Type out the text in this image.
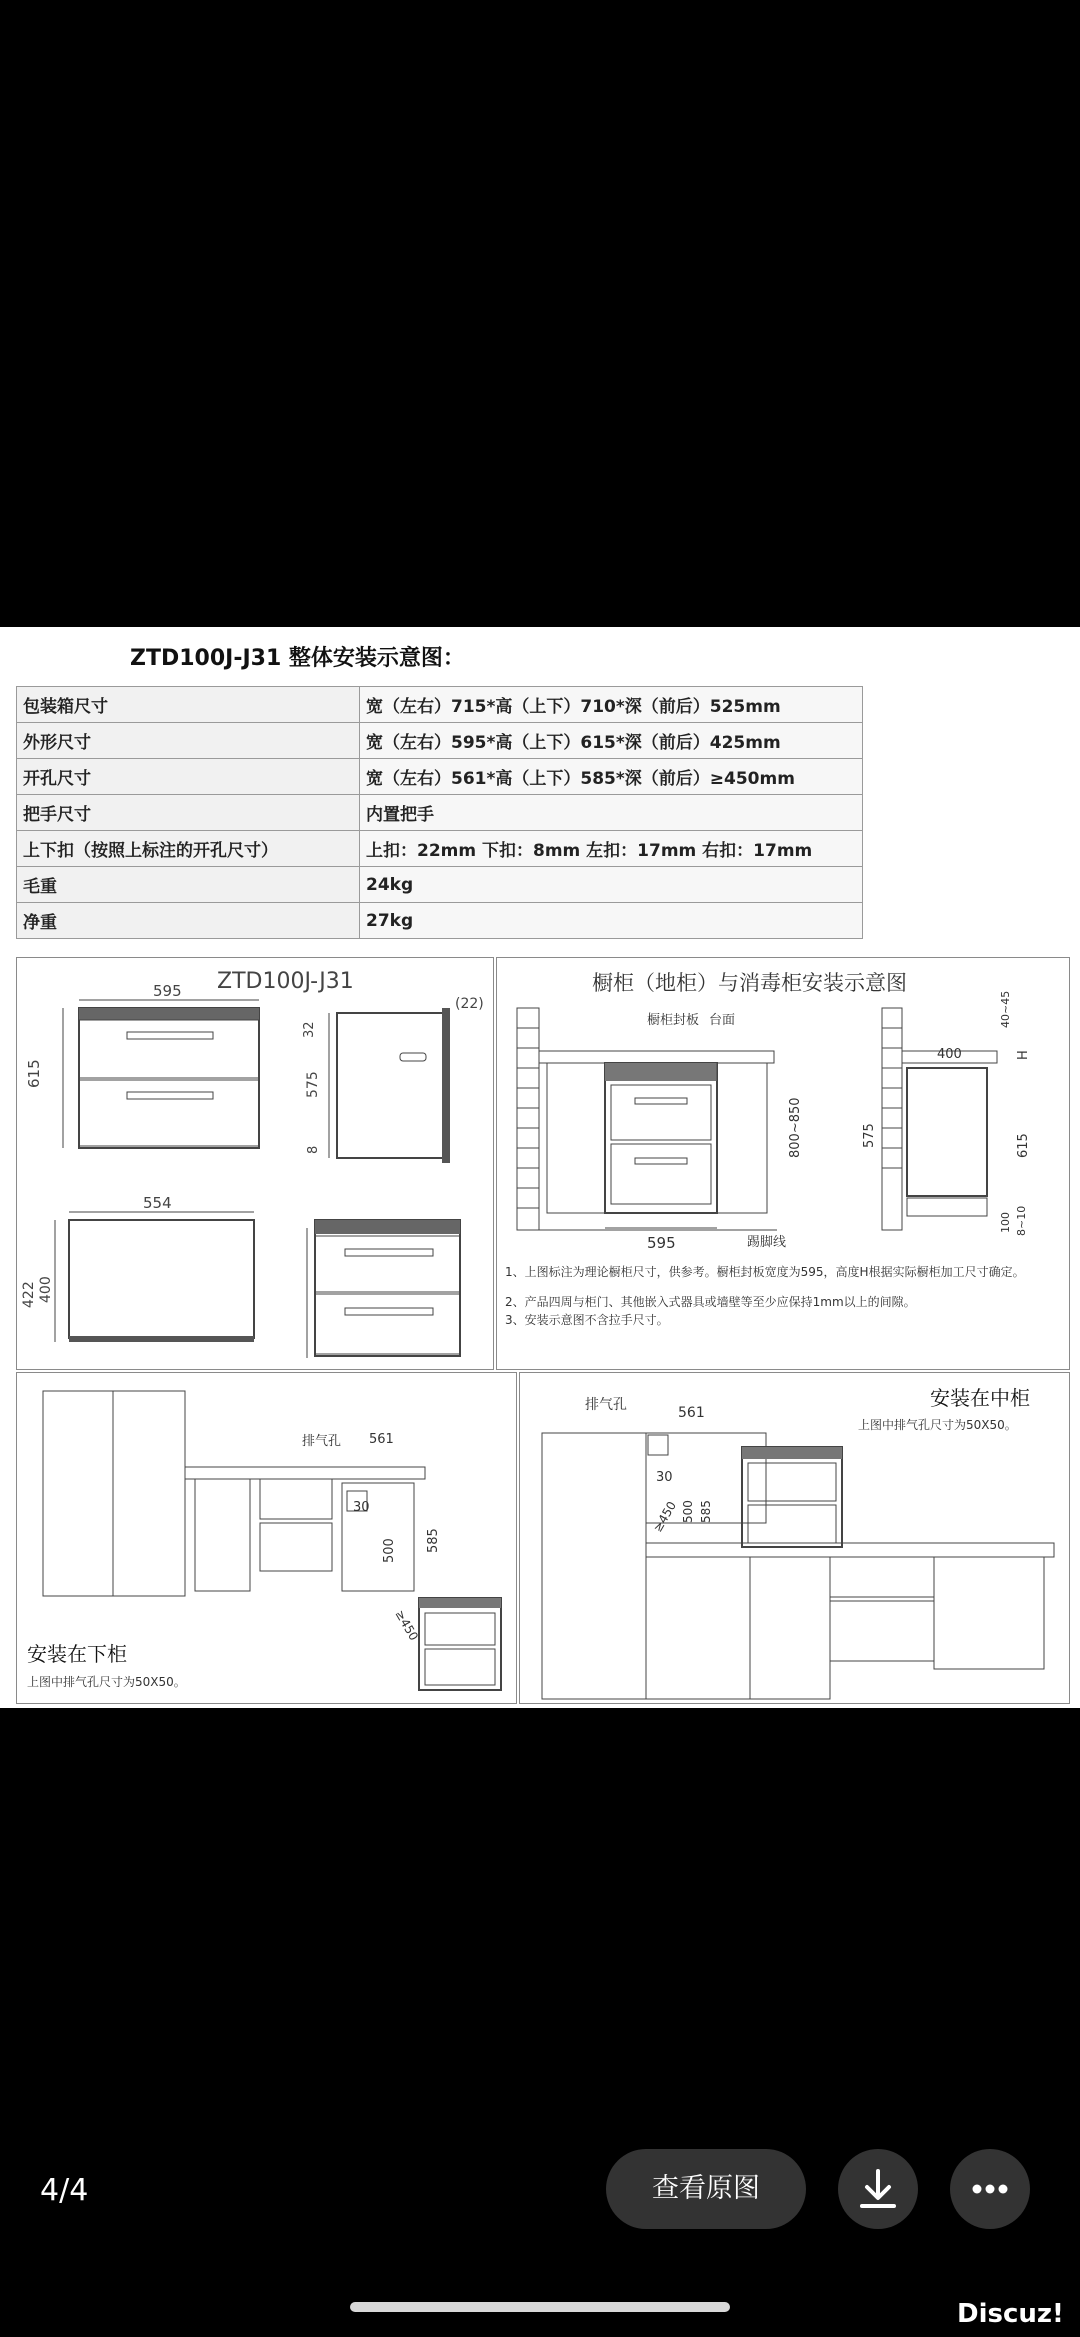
ZTD100J-J31 整体安装示意图：
包装箱尺寸	宽（左右）715*高（上下）710*深（前后）525mm
外形尺寸	宽（左右）595*高（上下）615*深（前后）425mm
开孔尺寸	宽（左右）561*高（上下）585*深（前后）≥450mm
把手尺寸	内置把手
上下扣（按照上标注的开孔尺寸）	上扣：22mm 下扣：8mm 左扣：17mm 右扣：17mm
毛重	24kg
净重	27kg
ZTD100J-J31
595
615
(22)
32
575
8
554
422 400
橱柜（地柜）与消毒柜安装示意图
橱柜封板 台面
595	踢脚线
800~850
400
40~45
H
575	615
100 8~10
1、上图标注为理论橱柜尺寸，供参考。橱柜封板宽度为595，高度H根据实际橱柜加工尺寸确定。
2、产品四周与柜门、其他嵌入式器具或墙壁等至少应保持1mm以上的间隙。
3、安装示意图不含拉手尺寸。
排气孔 561
30
500 585
≥450
安装在下柜
上图中排气孔尺寸为50X50。
安装在中柜
上图中排气孔尺寸为50X50。
排气孔	561
30
500 585
≥450
4/4	查看原图
Discuz!
